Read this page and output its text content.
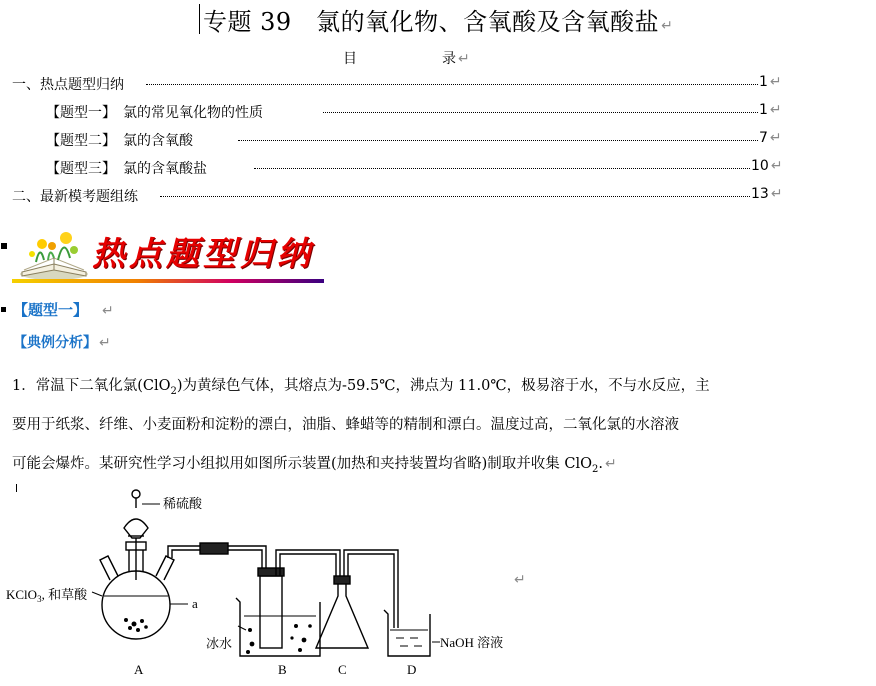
专题 39　氯的氧化物、含氧酸及含氧酸盐 ↵
目	录 ↵
一、热点题型归纳	1 ↵
【题型一】　氯的常见氧化物的性质	1 ↵
【题型二】　氯的含氧酸	7 ↵
【题型三】　氯的含氧酸盐	10 ↵
二、最新模考题组练	13 ↵
热点题型归纳
【题型一】 ↵
【典例分析】 ↵
1．常温下二氧化氯(ClO$_2$)为黄绿色气体，其熔点为-59.5℃，沸点为 11.0℃，极易溶于水，不与水反应，主
要用于纸浆、纤维、小麦面粉和淀粉的漂白，油脂、蜂蜡等的精制和漂白。温度过高，二氧化氯的水溶液
可能会爆炸。某研究性学习小组拟用如图所示装置(加热和夹持装置均省略)制取并收集 ClO$_2$. ↵
↵
稀硫酸
KClO$_3$, 和草酸
a
冰水	NaOH 溶液
A	B	C	D
